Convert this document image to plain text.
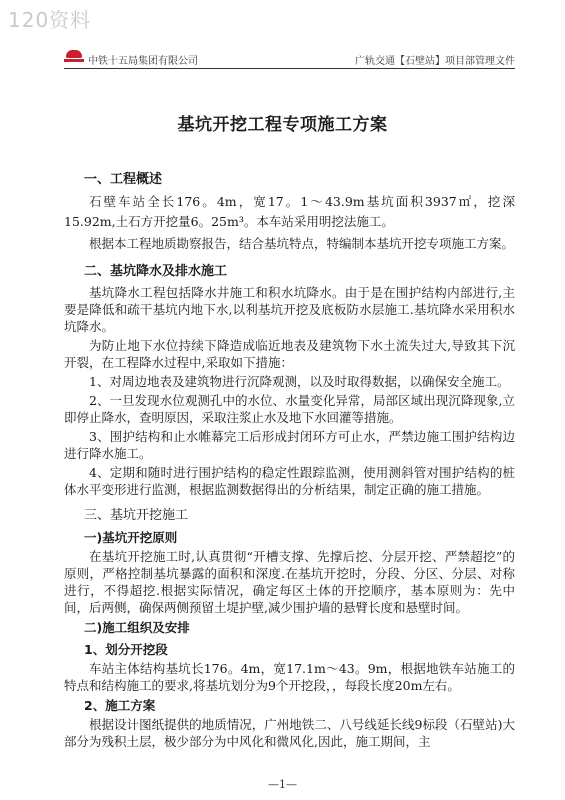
120资料
中铁十五局集团有限公司	广轨交通【石壁站】项目部管理文件
基坑开挖工程专项施工方案
一、工程概述

石壁车站全长176。4m，宽17。1～43.9m基坑面积3937㎡，挖深15.92m,土石方开挖量6。25m³。本车站采用明挖法施工。

根据本工程地质勘察报告，结合基坑特点，特编制本基坑开挖专项施工方案。

二、基坑降水及排水施工

基坑降水工程包括降水井施工和积水坑降水。由于是在围护结构内部进行,主要是降低和疏干基坑内地下水,以利基坑开挖及底板防水层施工.基坑降水采用积水坑降水。

为防止地下水位持续下降造成临近地表及建筑物下水土流失过大,导致其下沉开裂，在工程降水过程中,采取如下措施：

1、对周边地表及建筑物进行沉降观测，以及时取得数据，以确保安全施工。

2、一旦发现水位观测孔中的水位、水量变化异常，局部区域出现沉降现象,立即停止降水，查明原因，采取注浆止水及地下水回灌等措施。

3、围护结构和止水帷幕完工后形成封闭环方可止水，严禁边施工围护结构边进行降水施工。

4、定期和随时进行围护结构的稳定性跟踪监测，使用测斜管对围护结构的桩体水平变形进行监测，根据监测数据得出的分析结果，制定正确的施工措施。

三、基坑开挖施工
一)基坑开挖原则

在基坑开挖施工时,认真贯彻“开槽支撑、先撑后挖、分层开挖、严禁超挖”的原则，严格控制基坑暴露的面积和深度.在基坑开挖时，分段、分区、分层、对称进行，不得超挖.根据实际情况，确定每区土体的开挖顺序，基本原则为：先中间，后两侧，确保两侧预留土堤护壁,减少围护墙的悬臂长度和悬壁时间。

二)施工组织及安排
1、划分开挖段

车站主体结构基坑长176。4m，宽17.1m～43。9m，根据地铁车站施工的特点和结构施工的要求,将基坑划分为9个开挖段，，每段长度20m左右。

2、施工方案

根据设计图纸提供的地质情况，广州地铁二、八号线延长线9标段（石壁站)大部分为残积土层，极少部分为中风化和微风化,因此，施工期间，主

—1—
